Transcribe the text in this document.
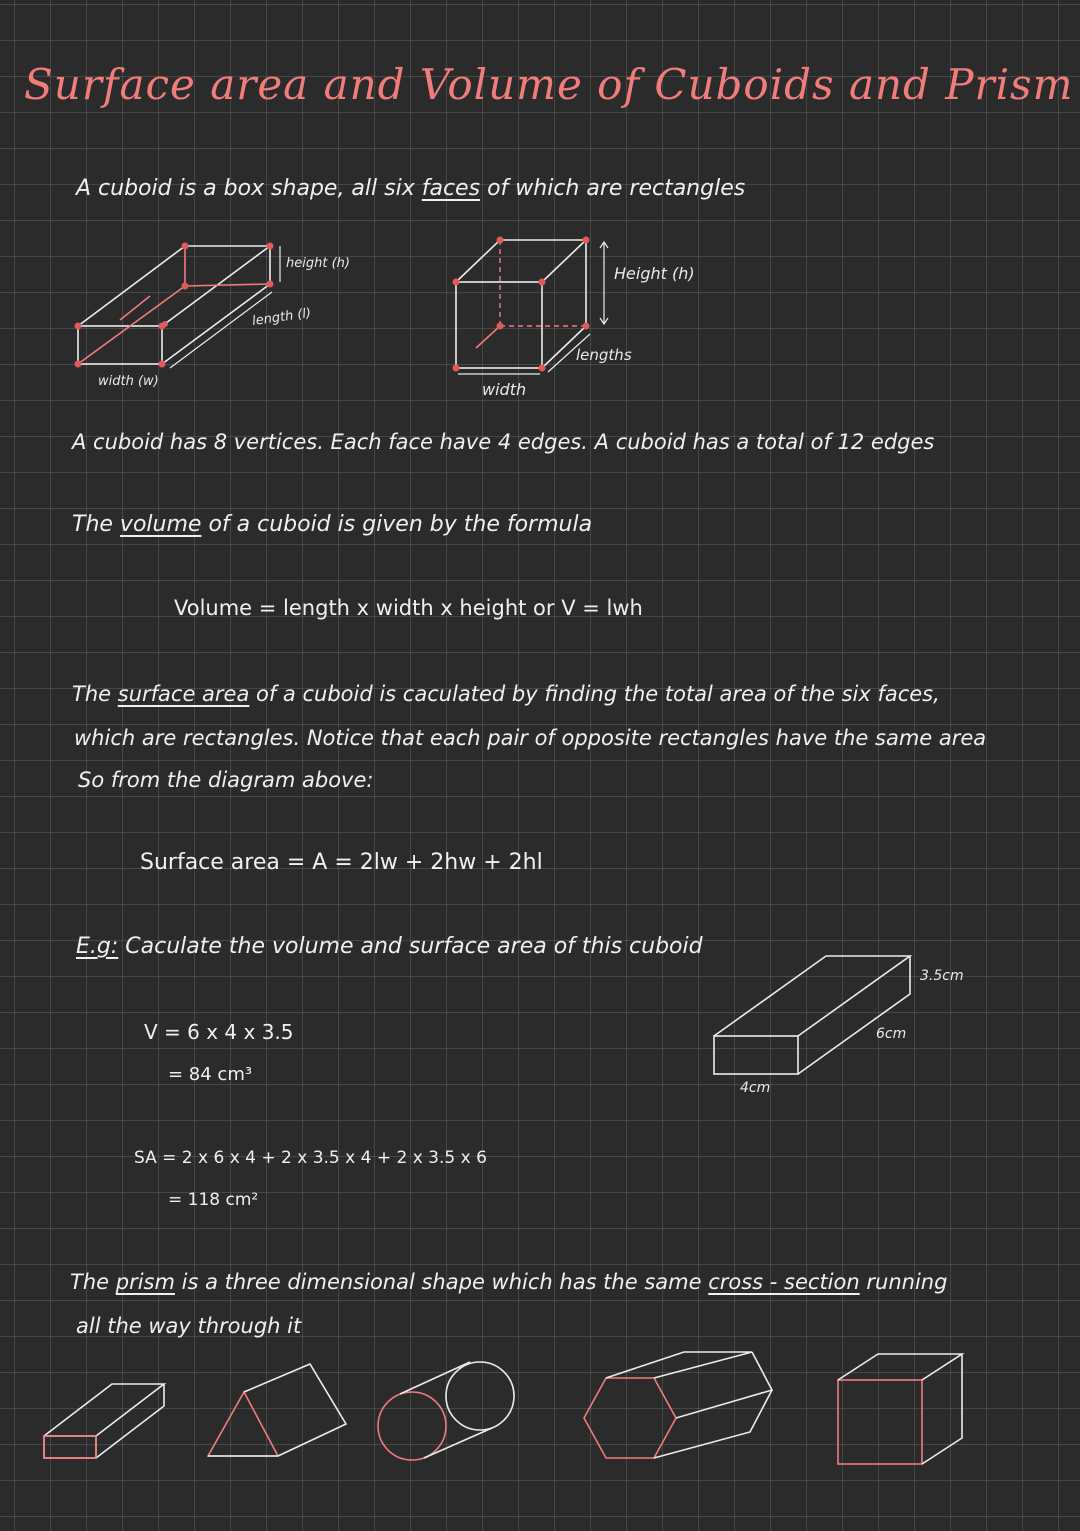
Surface area and Volume of Cuboids and Prism
A cuboid is a box shape, all six faces of which are rectangles
height (h)
length (l)
width (w)
Height (h)
lengths
width
A cuboid has 8 vertices. Each face have 4 edges. A cuboid has a total of 12 edges
The volume of a cuboid is given by the formula
Volume = length x width x height or V = lwh
The surface area of a cuboid is caculated by finding the total area of the six faces,
which are rectangles. Notice that each pair of opposite rectangles have the same area
So from the diagram above:
Surface area = A = 2lw + 2hw + 2hl
E.g: Caculate the volume and surface area of this cuboid
3.5cm
6cm
4cm
V = 6 x 4 x 3.5
= 84 cm³
SA = 2 x 6 x 4 + 2 x 3.5 x 4 + 2 x 3.5 x 6
= 118 cm²
The prism is a three dimensional shape which has the same cross - section running
all the way through it
